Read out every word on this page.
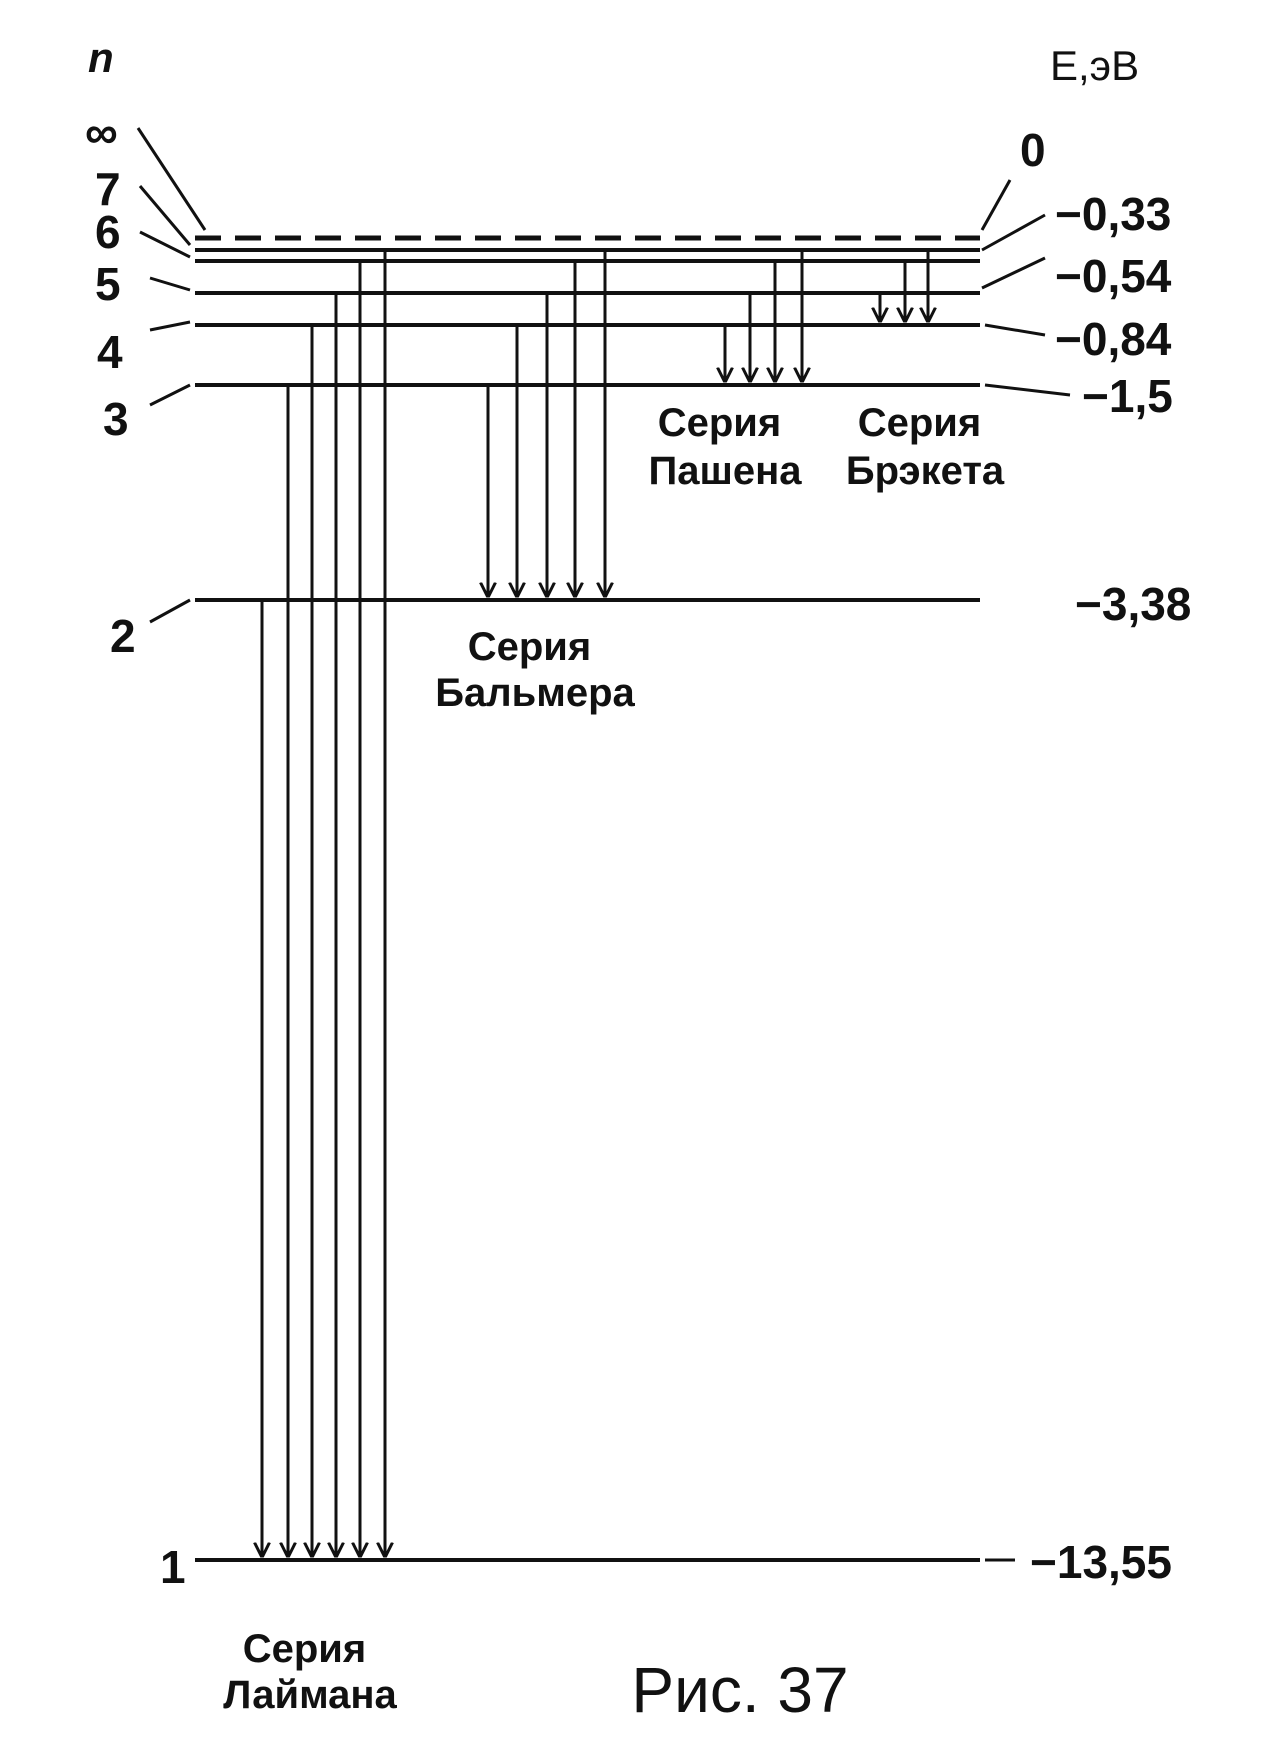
n	E,эВ
∞
7
6
5
4
3
2
1
0
−0,33
−0,54
−0,84
−1,5
−3,38
−13,55
Серия Лаймана
Серия Бальмера
Серия Пашена
Серия Брэкета
Рис. 37
